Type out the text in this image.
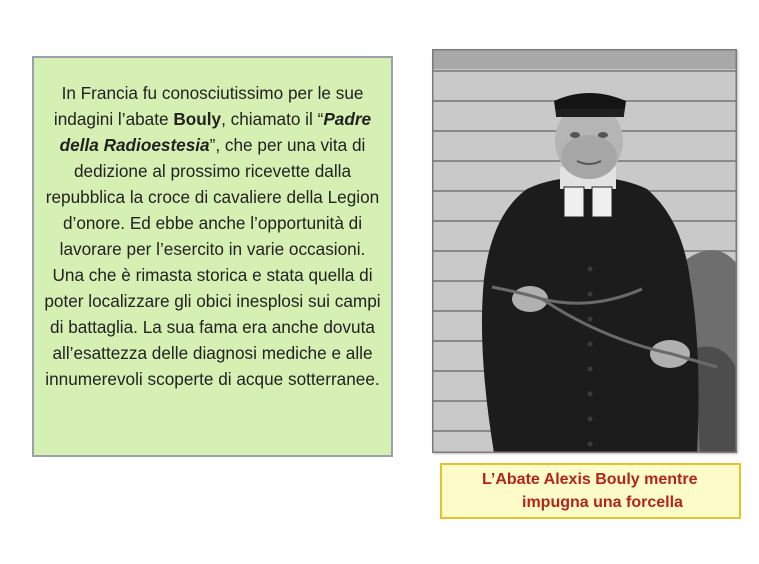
In Francia fu conosciutissimo per le sue indagini l’abate Bouly, chiamato il “Padre della Radioestesia”, che per una vita di dedizione al prossimo ricevette dalla repubblica la croce di cavaliere della Legion d’onore. Ed ebbe anche l’opportunità di lavorare per l’esercito in varie occasioni. Una che è rimasta storica e stata quella di poter localizzare gli obici inesplosi sui campi di battaglia. La sua fama era anche dovuta all’esattezza delle diagnosi mediche e alle innumerevoli scoperte di acque sotterranee.

L’Abate Alexis Bouly mentre
impugna una forcella
